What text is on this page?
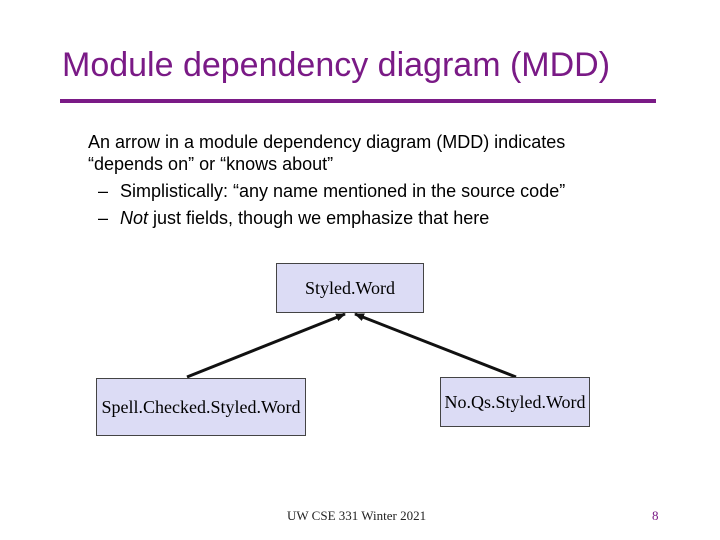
Module dependency diagram (MDD)
An arrow in a module dependency diagram (MDD) indicates
“depends on” or “knows about”
– Simplistically: “any name mentioned in the source code”
– Not just fields, though we emphasize that here
Styled.Word
Spell.Checked.Styled.Word	No.Qs.Styled.Word
UW CSE 331 Winter 2021	8
